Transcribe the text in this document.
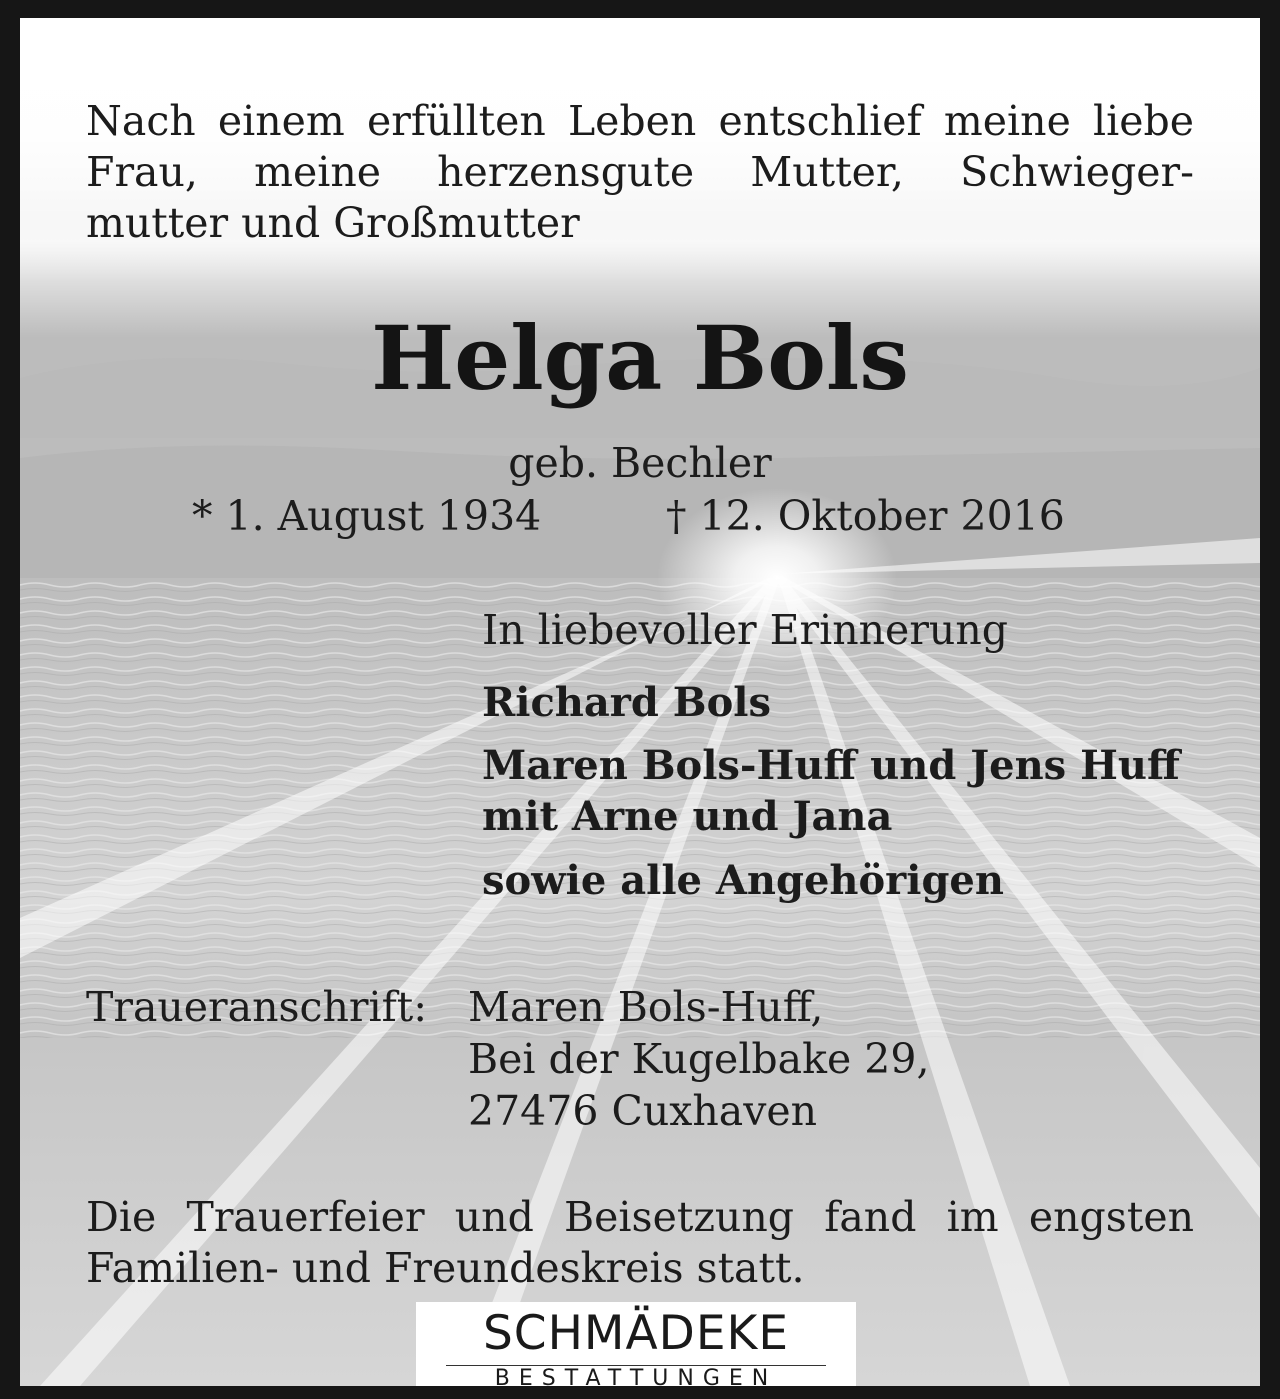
Nach einem erfüllten Leben entschlief meine liebe
Frau, meine herzensgute Mutter, Schwieger-
mutter und Großmutter
Helga Bols
geb. Bechler
* 1. August 1934	† 12. Oktober 2016
In liebevoller Erinnerung
Richard Bols
Maren Bols-Huff und Jens Huff
mit Arne und Jana
sowie alle Angehörigen
Traueranschrift: Maren Bols-Huff,
Bei der Kugelbake 29,
27476 Cuxhaven
Die Trauerfeier und Beisetzung fand im engsten
Familien- und Freundeskreis statt.
SCHMÄDEKE
BESTATTUNGEN
